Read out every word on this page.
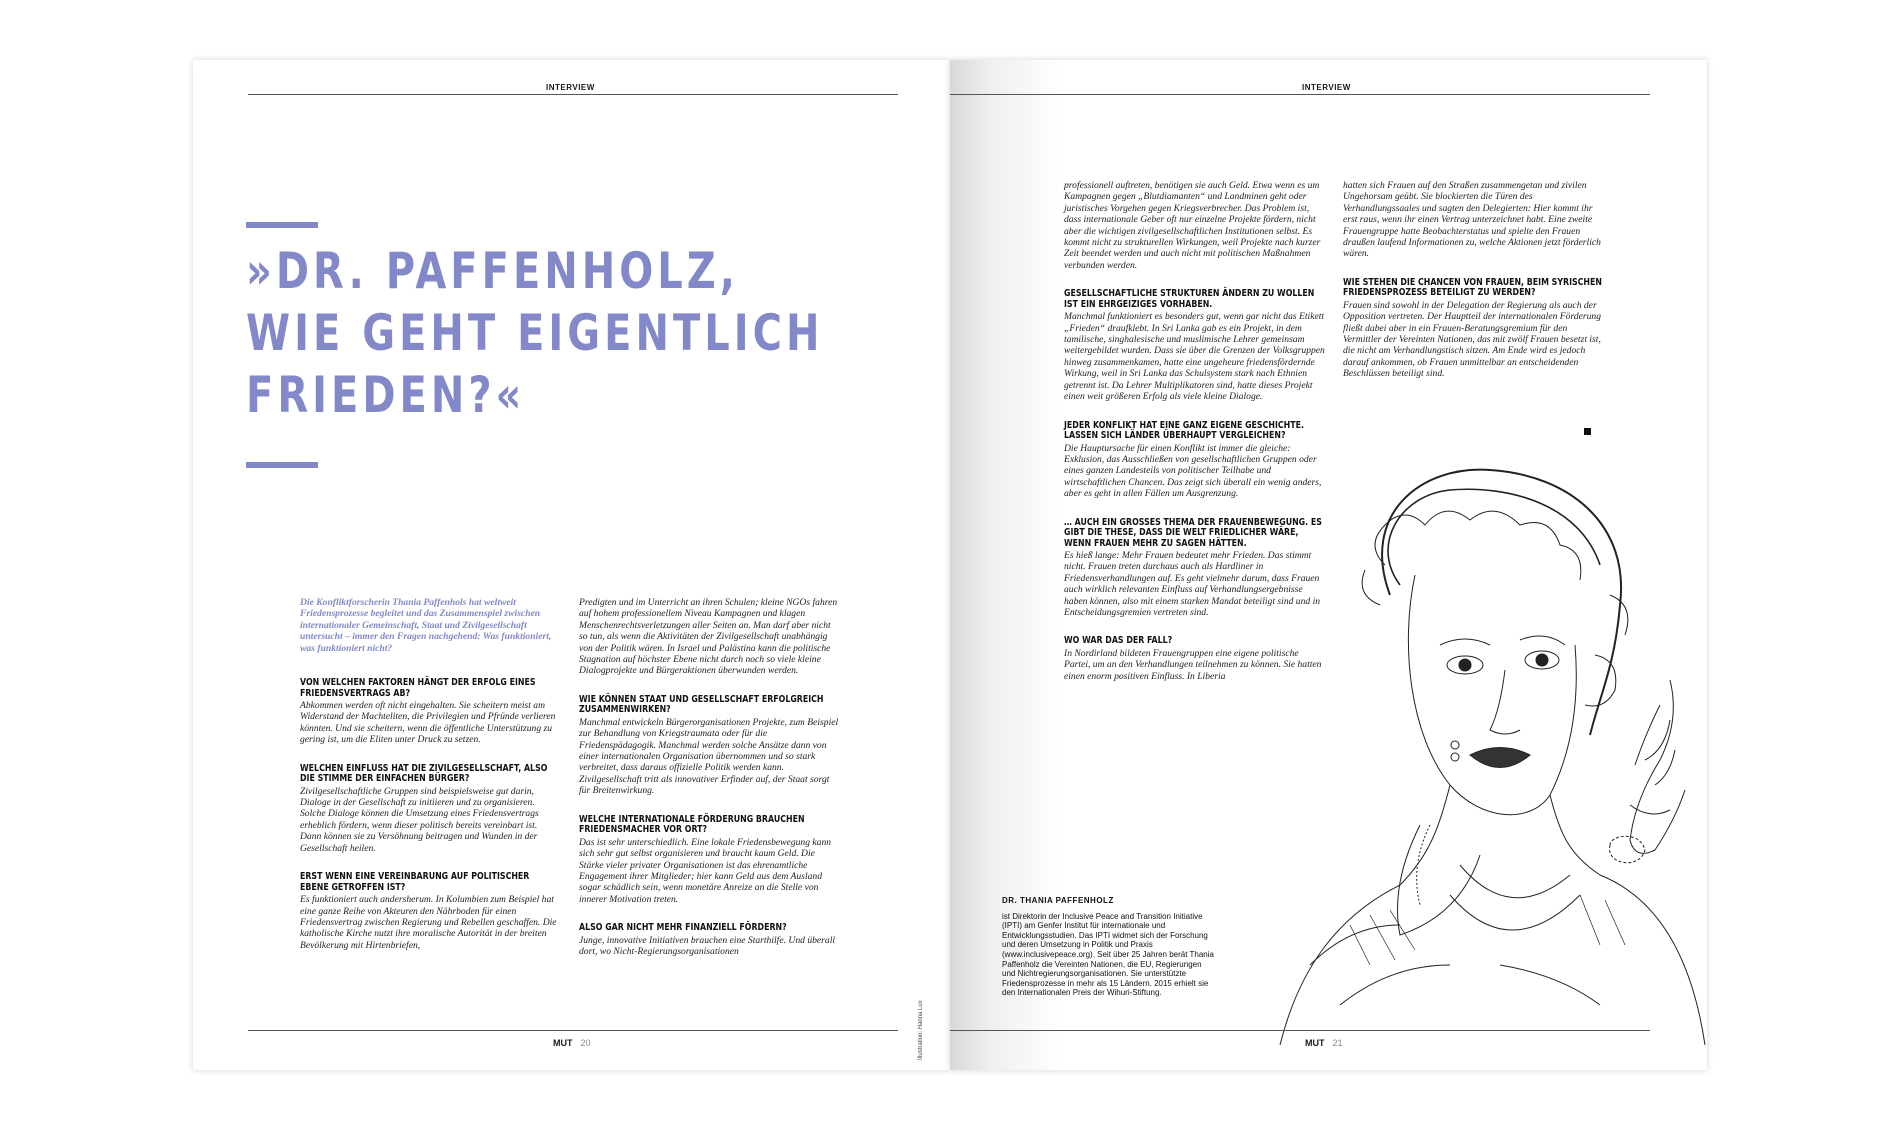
INTERVIEW
»DR. PAFFENHOLZ,
WIE GEHT EIGENTLICH
FRIEDEN?«

Die Konfliktforscherin Thania Paffenhols hat weltweit Friedensprozesse begleitet und das Zusammenspiel zwischen internationaler Gemeinschaft, Staat und Zivilgesellschaft untersucht – immer den Fragen nachgehend: Was funktioniert, was funktioniert nicht?

VON WELCHEN FAKTOREN HÄNGT DER ERFOLG EINES FRIEDENSVERTRAGS AB?

Abkommen werden oft nicht eingehalten. Sie scheitern meist am Widerstand der Machteliten, die Privilegien und Pfründe verlieren könnten. Und sie scheitern, wenn die öffentliche Unterstützung zu gering ist, um die Eliten unter Druck zu setzen.

WELCHEN EINFLUSS HAT DIE ZIVILGESELLSCHAFT, ALSO DIE STIMME DER EINFACHEN BÜRGER?

Zivilgesellschaftliche Gruppen sind beispielsweise gut darin, Dialoge in der Gesellschaft zu initiieren und zu organisieren. Solche Dialoge können die Umsetzung eines Friedensvertrags erheblich fördern, wenn dieser politisch bereits vereinbart ist. Dann können sie zu Versöhnung beitragen und Wunden in der Gesellschaft heilen.

ERST WENN EINE VEREINBARUNG AUF POLITISCHER EBENE GETROFFEN IST?

Es funktioniert auch andersherum. In Kolumbien zum Beispiel hat eine ganze Reihe von Akteuren den Nährboden für einen Friedensvertrag zwischen Regierung und Rebellen geschaffen. Die katholische Kirche nutzt ihre moralische Autorität in der breiten Bevölkerung mit Hirtenbriefen,

Predigten und im Unterricht an ihren Schulen; kleine NGOs fahren auf hohem professionellem Niveau Kampagnen und klagen Menschenrechtsverletzungen aller Seiten an. Man darf aber nicht so tun, als wenn die Aktivitäten der Zivilgesellschaft unabhängig von der Politik wären. In Israel und Palästina kann die politische Stagnation auf höchster Ebene nicht durch noch so viele kleine Dialogprojekte und Bürgeraktionen überwunden werden.

WIE KÖNNEN STAAT UND GESELLSCHAFT ERFOLGREICH ZUSAMMENWIRKEN?

Manchmal entwickeln Bürgerorganisationen Projekte, zum Beispiel zur Behandlung von Kriegstraumata oder für die Friedenspädagogik. Manchmal werden solche Ansätze dann von einer internationalen Organisation übernommen und so stark verbreitet, dass daraus offizielle Politik werden kann. Zivilgesellschaft tritt als innovativer Erfinder auf, der Staat sorgt für Breitenwirkung.

WELCHE INTERNATIONALE FÖRDERUNG BRAUCHEN FRIEDENSMACHER VOR ORT?

Das ist sehr unterschiedlich. Eine lokale Friedensbewegung kann sich sehr gut selbst organisieren und braucht kaum Geld. Die Stärke vieler privater Organisationen ist das ehrenamtliche Engagement ihrer Mitglieder; hier kann Geld aus dem Ausland sogar schädlich sein, wenn monetäre Anreize an die Stelle von innerer Motivation treten.

ALSO GAR NICHT MEHR FINANZIELL FÖRDERN?

Junge, innovative Initiativen brauchen eine Starthilfe. Und überall dort, wo Nicht-Regierungsorganisationen

Illustration: Hanna Lux
MUT 20
INTERVIEW

professionell auftreten, benötigen sie auch Geld. Etwa wenn es um Kampagnen gegen „Blutdiamanten“ und Landminen geht oder juristisches Vorgehen gegen Kriegsverbrecher. Das Problem ist, dass internationale Geber oft nur einzelne Projekte fördern, nicht aber die wichtigen zivilgesellschaftlichen Institutionen selbst. Es kommt nicht zu strukturellen Wirkungen, weil Projekte nach kurzer Zeit beendet werden und auch nicht mit politischen Maßnahmen verbunden werden.

GESELLSCHAFTLICHE STRUKTUREN ÄNDERN ZU WOLLEN IST EIN EHRGEIZIGES VORHABEN.

Manchmal funktioniert es besonders gut, wenn gar nicht das Etikett „Frieden“ draufklebt. In Sri Lanka gab es ein Projekt, in dem tamilische, singhalesische und muslimische Lehrer gemeinsam weitergebildet wurden. Dass sie über die Grenzen der Volksgruppen hinweg zusammenkamen, hatte eine ungeheure friedensfördernde Wirkung, weil in Sri Lanka das Schulsystem stark nach Ethnien getrennt ist. Da Lehrer Multiplikatoren sind, hatte dieses Projekt einen weit größeren Erfolg als viele kleine Dialoge.

JEDER KONFLIKT HAT EINE GANZ EIGENE GESCHICHTE. LASSEN SICH LÄNDER ÜBERHAUPT VERGLEICHEN?

Die Hauptursache für einen Konflikt ist immer die gleiche: Exklusion, das Ausschließen von gesellschaftlichen Gruppen oder eines ganzen Landesteils von politischer Teilhabe und wirtschaftlichen Chancen. Das zeigt sich überall ein wenig anders, aber es geht in allen Fällen um Ausgrenzung.

… AUCH EIN GROSSES THEMA DER FRAUENBEWEGUNG. ES GIBT DIE THESE, DASS DIE WELT FRIEDLICHER WÄRE, WENN FRAUEN MEHR ZU SAGEN HÄTTEN.

Es hieß lange: Mehr Frauen bedeutet mehr Frieden. Das stimmt nicht. Frauen treten durchaus auch als Hardliner in Friedensverhandlungen auf. Es geht vielmehr darum, dass Frauen auch wirklich relevanten Einfluss auf Verhandlungsergebnisse haben können, also mit einem starken Mandat beteiligt sind und in Entscheidungsgremien vertreten sind.

WO WAR DAS DER FALL?

In Nordirland bildeten Frauengruppen eine eigene politische Partei, um an den Verhandlungen teilnehmen zu können. Sie hatten einen enorm positiven Einfluss. In Liberia

hatten sich Frauen auf den Straßen zusammengetan und zivilen Ungehorsam geübt. Sie blockierten die Türen des Verhandlungssaales und sagten den Delegierten: Hier kommt ihr erst raus, wenn ihr einen Vertrag unterzeichnet habt. Eine zweite Frauengruppe hatte Beobachterstatus und spielte den Frauen draußen laufend Informationen zu, welche Aktionen jetzt förderlich wären.

WIE STEHEN DIE CHANCEN VON FRAUEN, BEIM SYRISCHEN FRIEDENSPROZESS BETEILIGT ZU WERDEN?

Frauen sind sowohl in der Delegation der Regierung als auch der Opposition vertreten. Der Hauptteil der internationalen Förderung fließt dabei aber in ein Frauen-Beratungsgremium für den Vermittler der Vereinten Nationen, das mit zwölf Frauen besetzt ist, die nicht am Verhandlungstisch sitzen. Am Ende wird es jedoch darauf ankommen, ob Frauen unmittelbar an entscheidenden Beschlüssen beteiligt sind.

DR. THANIA PAFFENHOLZ
ist Direktorin der Inclusive Peace and Transition Initiative (IPTI) am Genfer Institut für internationale und Entwicklungsstudien. Das IPTI widmet sich der Forschung und deren Umsetzung in Politik und Praxis (www.inclusivepeace.org). Seit über 25 Jahren berät Thania Paffenholz die Vereinten Nationen, die EU, Regierungen und Nichtregierungsorganisationen. Sie unterstützte Friedensprozesse in mehr als 15 Ländern. 2015 erhielt sie den Internationalen Preis der Wihuri-Stiftung.
MUT 21
